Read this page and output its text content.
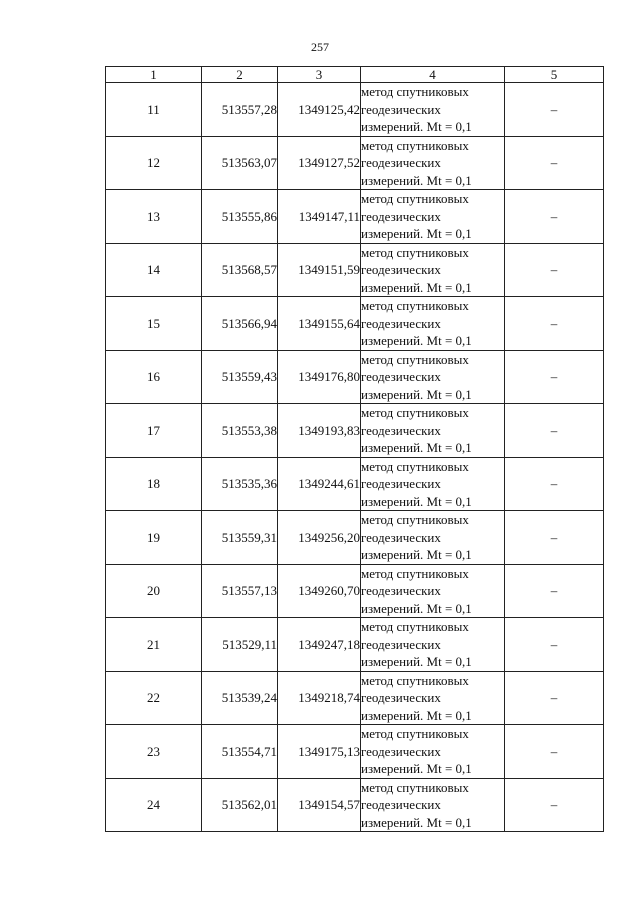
257
1	2	3	4	5
11	513557,28	1349125,42	метод спутниковых
геодезических
измерений. Mt = 0,1	–
12	513563,07	1349127,52	метод спутниковых
геодезических
измерений. Mt = 0,1	–
13	513555,86	1349147,11	метод спутниковых
геодезических
измерений. Mt = 0,1	–
14	513568,57	1349151,59	метод спутниковых
геодезических
измерений. Mt = 0,1	–
15	513566,94	1349155,64	метод спутниковых
геодезических
измерений. Mt = 0,1	–
16	513559,43	1349176,80	метод спутниковых
геодезических
измерений. Mt = 0,1	–
17	513553,38	1349193,83	метод спутниковых
геодезических
измерений. Mt = 0,1	–
18	513535,36	1349244,61	метод спутниковых
геодезических
измерений. Mt = 0,1	–
19	513559,31	1349256,20	метод спутниковых
геодезических
измерений. Mt = 0,1	–
20	513557,13	1349260,70	метод спутниковых
геодезических
измерений. Mt = 0,1	–
21	513529,11	1349247,18	метод спутниковых
геодезических
измерений. Mt = 0,1	–
22	513539,24	1349218,74	метод спутниковых
геодезических
измерений. Mt = 0,1	–
23	513554,71	1349175,13	метод спутниковых
геодезических
измерений. Mt = 0,1	–
24	513562,01	1349154,57	метод спутниковых
геодезических
измерений. Mt = 0,1	–
